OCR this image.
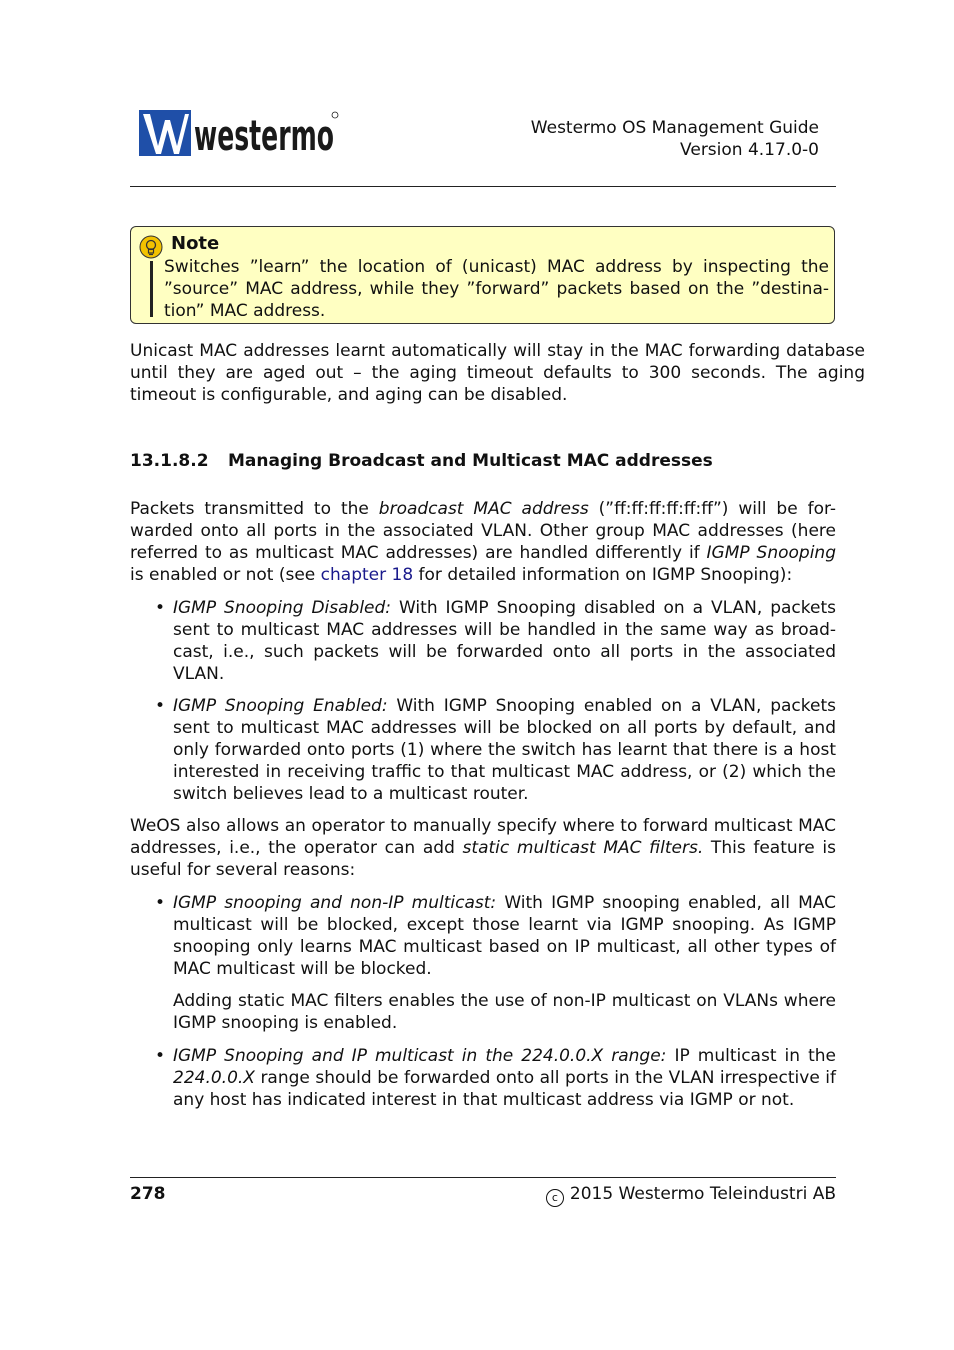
westermo	Westermo OS Management Guide
Version 4.17.0-0
Note
Switches ”learn” the location of (unicast) MAC address by inspecting the ”source” MAC address, while they ”forward” packets based on the ”destina-tion” MAC address.
Unicast MAC addresses learnt automatically will stay in the MAC forwarding database until they are aged out – the aging timeout defaults to 300 seconds. The aging timeout is configurable, and aging can be disabled.
13.1.8.2 Managing Broadcast and Multicast MAC addresses
Packets transmitted to the broadcast MAC address (”ff:ff:ff:ff:ff:ff”) will be for-warded onto all ports in the associated VLAN. Other group MAC addresses (here referred to as multicast MAC addresses) are handled differently if IGMP Snooping is enabled or not (see chapter 18 for detailed information on IGMP Snooping):
• IGMP Snooping Disabled: With IGMP Snooping disabled on a VLAN, packets sent to multicast MAC addresses will be handled in the same way as broad-cast, i.e., such packets will be forwarded onto all ports in the associated VLAN.
• IGMP Snooping Enabled: With IGMP Snooping enabled on a VLAN, packets sent to multicast MAC addresses will be blocked on all ports by default, and only forwarded onto ports (1) where the switch has learnt that there is a host interested in receiving traffic to that multicast MAC address, or (2) which the switch believes lead to a multicast router.
WeOS also allows an operator to manually specify where to forward multicast MAC addresses, i.e., the operator can add static multicast MAC filters. This feature is useful for several reasons:
• IGMP snooping and non-IP multicast: With IGMP snooping enabled, all MAC multicast will be blocked, except those learnt via IGMP snooping. As IGMP snooping only learns MAC multicast based on IP multicast, all other types of MAC multicast will be blocked.
Adding static MAC filters enables the use of non-IP multicast on VLANs where IGMP snooping is enabled.
• IGMP Snooping and IP multicast in the 224.0.0.X range: IP multicast in the 224.0.0.X range should be forwarded onto all ports in the VLAN irrespective if any host has indicated interest in that multicast address via IGMP or not.
278	c 2015 Westermo Teleindustri AB
